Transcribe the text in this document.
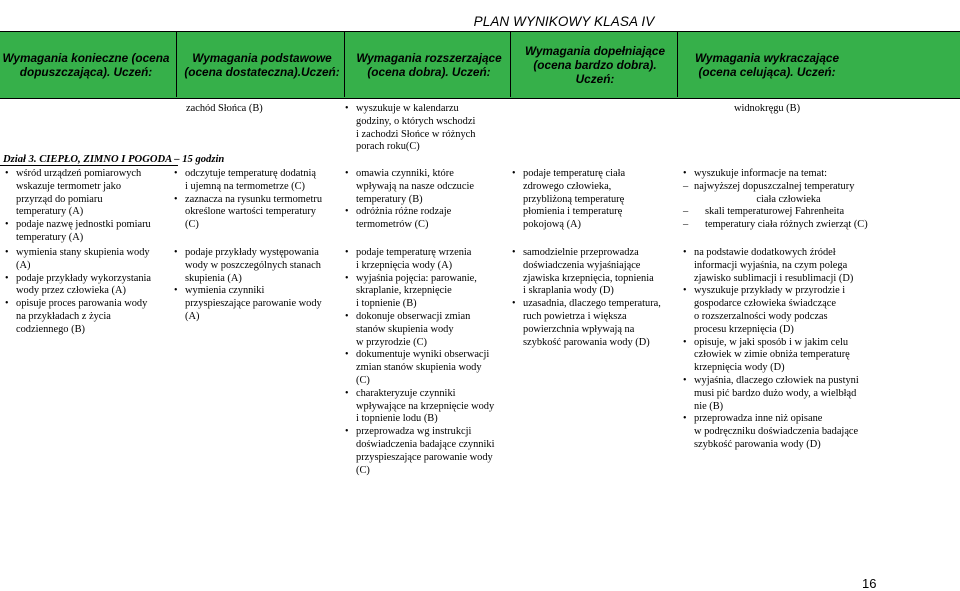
PLAN WYNIKOWY KLASA IV
Wymagania konieczne (ocena dopuszczająca). Uczeń:
Wymagania podstawowe (ocena dostateczna).Uczeń:
Wymagania rozszerzające (ocena dobra). Uczeń:
Wymagania dopełniające (ocena bardzo dobra). Uczeń:
Wymagania wykraczające (ocena celująca). Uczeń:
zachód Słońca (B)

•	wyszukuje w kalendarzu

godziny, o których wschodzi

i zachodzi Słońce w różnych

porach roku(C)

widnokręgu (B)
Dział 3. CIEPŁO, ZIMNO I POGODA – 15 godzin

• wśród urządzeń pomiarowych

wskazuje termometr jako

przyrząd do pomiaru

temperatury (A)

• podaje nazwę jednostki pomiaru

temperatury (A)

• odczytuje temperaturę dodatnią

i ujemną na termometrze (C)

• zaznacza na rysunku termometru

określone wartości temperatury

(C)

• omawia czynniki, które

wpływają na nasze odczucie

temperatury (B)

• odróżnia różne rodzaje

termometrów (C)

• podaje temperaturę ciała

zdrowego człowieka,

przybliżoną temperaturę

płomienia i temperaturę

pokojową (A)

• wyszukuje informacje na temat:

– najwyższej dopuszczalnej temperatury

ciała człowieka

– skali temperaturowej Fahrenheita

– temperatury ciała różnych zwierząt (C)

• wymienia stany skupienia wody

(A)

• podaje przykłady wykorzystania

wody przez człowieka (A)

• opisuje proces parowania wody

na przykładach z życia

codziennego (B)

• podaje przykłady występowania

wody w poszczególnych stanach

skupienia (A)

• wymienia czynniki

przyspieszające parowanie wody

(A)

• podaje temperaturę wrzenia

i krzepnięcia wody (A)

• wyjaśnia pojęcia: parowanie,

skraplanie, krzepnięcie

i topnienie (B)

• dokonuje obserwacji zmian

stanów skupienia wody

w przyrodzie (C)

• dokumentuje wyniki obserwacji

zmian stanów skupienia wody

(C)

• charakteryzuje czynniki

wpływające na krzepnięcie wody

i topnienie lodu (B)

• przeprowadza wg instrukcji

doświadczenia badające czynniki

przyspieszające parowanie wody

(C)

• samodzielnie przeprowadza

doświadczenia wyjaśniające

zjawiska krzepnięcia, topnienia

i skraplania wody (D)

• uzasadnia, dlaczego temperatura,

ruch powietrza i większa

powierzchnia wpływają na

szybkość parowania wody (D)

• na podstawie dodatkowych źródeł

informacji wyjaśnia, na czym polega

zjawisko sublimacji i resublimacji (D)

• wyszukuje przykłady w przyrodzie i

gospodarce człowieka świadczące

o rozszerzalności wody podczas

procesu krzepnięcia (D)

• opisuje, w jaki sposób i w jakim celu

człowiek w zimie obniża temperaturę

krzepnięcia wody (D)

• wyjaśnia, dlaczego człowiek na pustyni

musi pić bardzo dużo wody, a wielbłąd

nie (B)

• przeprowadza inne niż opisane

w podręczniku doświadczenia badające

szybkość parowania wody (D)

16
